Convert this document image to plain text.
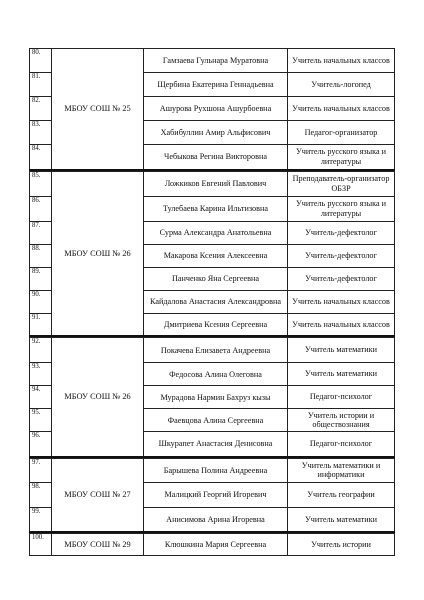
80.	МБОУ СОШ № 25	Гамзаева Гульнара Муратовна	Учитель начальных классов
81.		Щербина Екатерина Геннадьевна	Учитель-логопед
82.		Ашурова Рухшона Ашурбоевна	Учитель начальных классов
83.		Хабибуллин Амир Альфисович	Педагог-организатор
84.		Чебыкова Регина Викторовна	Учитель русского языка и литературы

85.	МБОУ СОШ № 26	Ложкиков Евгений Павлович	Преподаватель-организатор ОБЗР
86.		Тулебаева Карина Ильтизовна	Учитель русского языка и литературы
87.		Сурма Александра Анатольевна	Учитель-дефектолог
88.		Макарова Ксения Алексеевна	Учитель-дефектолог
89.		Панченко Яна Сергеевна	Учитель-дефектолог
90.		Кайдалова Анастасия Александровна	Учитель начальных классов
91.		Дмитриева Ксения Сергеевна	Учитель начальных классов

92.	МБОУ СОШ № 26	Покачева Елизавета Андреевна	Учитель математики
93.		Федосова Алина Олеговна	Учитель математики
94.		Мурадова Нармин Бахруз кызы	Педагог-психолог
95.		Фаевцова Алина Сергеевна	Учитель истории и обществознания
96.		Шкурапет Анастасия Денисовна	Педагог-психолог

97.	МБОУ СОШ № 27	Барышева Полина Андреевна	Учитель математики и информатики
98.		Малицкий Георгий Игоревич	Учитель географии
99.		Анисимова Арина Игоревна	Учитель математики

100.	МБОУ СОШ № 29	Клюшкина Мария Сергеевна	Учитель истории
